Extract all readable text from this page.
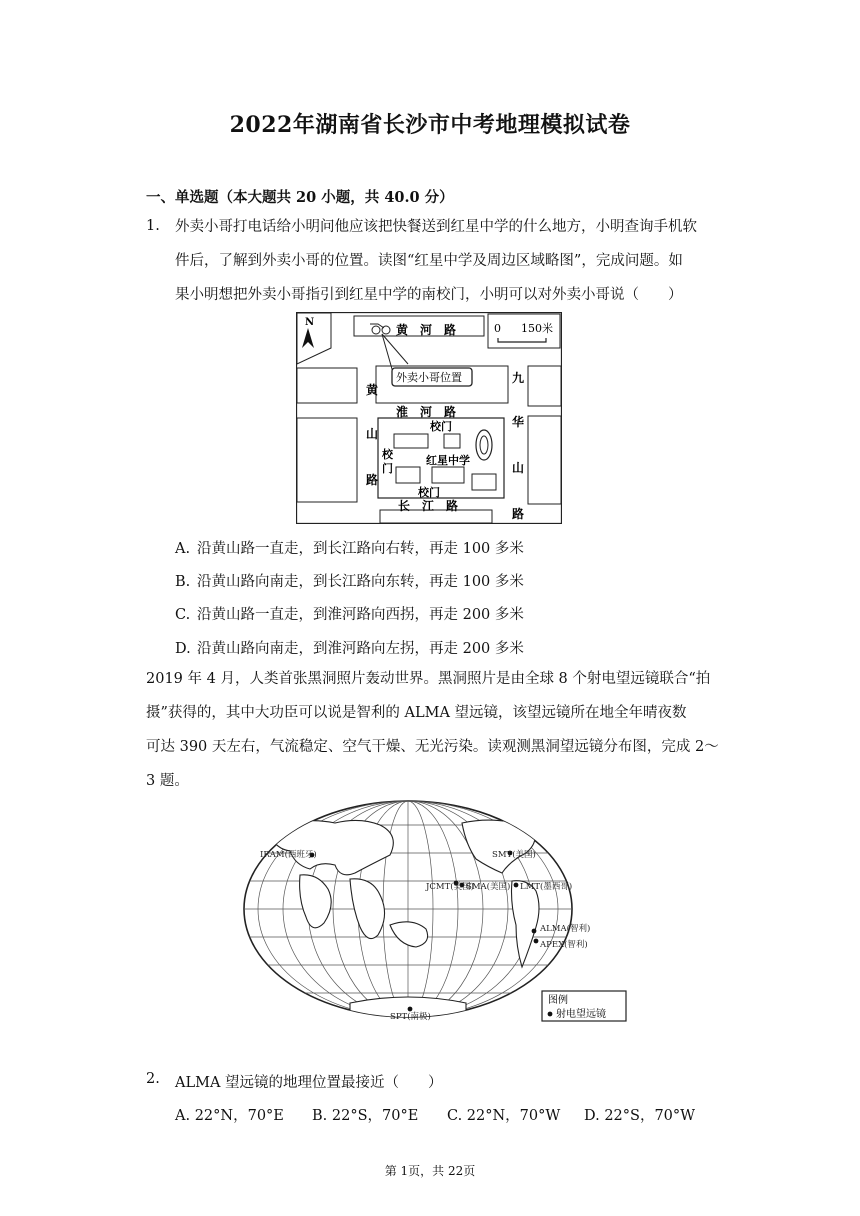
2022年湖南省长沙市中考地理模拟试卷
一、单选题（本大题共 20 小题，共 40.0 分）
1. 外卖小哥打电话给小明问他应该把快餐送到红星中学的什么地方，小明查询手机软
件后，了解到外卖小哥的位置。读图“红星中学及周边区域略图”，完成问题。如
果小明想把外卖小哥指引到红星中学的南校门，小明可以对外卖小哥说（　　）
N	0 150米
外卖小哥位置
黄　河　路
淮　河　路
长　江　路
黄
山
路
九
华
山
路
校门
校
门
红星中学
校门
A. 沿黄山路一直走，到长江路向右转，再走 100 多米
B. 沿黄山路向南走，到长江路向东转，再走 100 多米
C. 沿黄山路一直走，到淮河路向西拐，再走 200 多米
D. 沿黄山路向南走，到淮河路向左拐，再走 200 多米
2019 年 4 月，人类首张黑洞照片轰动世界。黑洞照片是由全球 8 个射电望远镜联合“拍
摄”获得的，其中大功臣可以说是智利的 ALMA 望远镜，该望远镜所在地全年晴夜数
可达 390 天左右，气流稳定、空气干燥、无光污染。读观测黑洞望远镜分布图，完成 2～
3 题。
IRAM(西班牙)	SMT(美国)
JCMT(美国)
SMA(美国) LMT(墨西哥)
ALMA(智利)
APEX(智利)
SPT(南极)
图例
射电望远镜
2. ALMA 望远镜的地理位置最接近（　　）
A. 22°N，70°E B. 22°S，70°E C. 22°N，70°W D. 22°S，70°W
第 1页，共 22页
